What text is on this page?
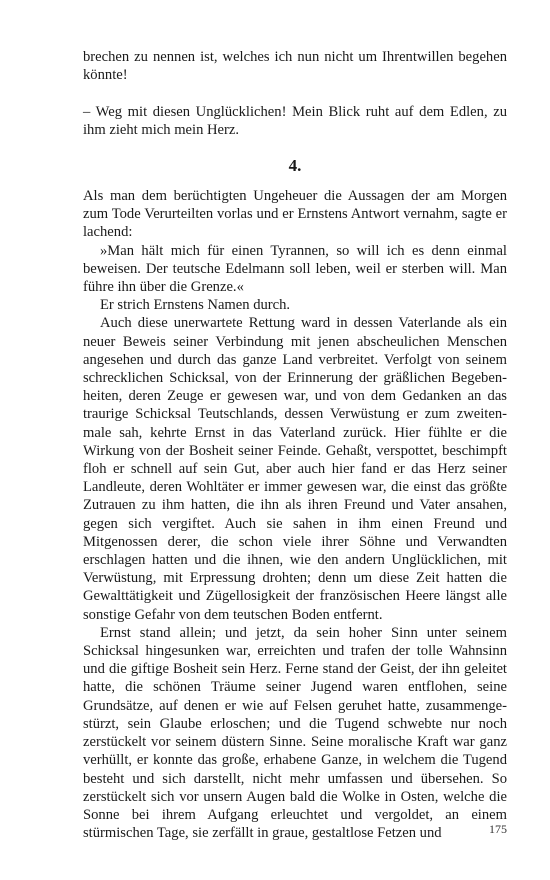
brechen zu nennen ist, welches ich nun nicht um Ihrentwillen begehen könnte!

– Weg mit diesen Unglücklichen! Mein Blick ruht auf dem Edlen, zu ihm zieht mich mein Herz.

4.

Als man dem berüchtigten Ungeheuer die Aussagen der am Morgen zum Tode Verurteilten vorlas und er Ernstens Antwort vernahm, sagte er lachend:

»Man hält mich für einen Tyrannen, so will ich es denn einmal beweisen. Der teutsche Edelmann soll leben, weil er sterben will. Man führe ihn über die Grenze.«

Er strich Ernstens Namen durch.

Auch diese unerwartete Rettung ward in dessen Vaterlande als ein neuer Beweis seiner Verbindung mit jenen abscheulichen Menschen angesehen und durch das ganze Land verbreitet. Verfolgt von seinem schrecklichen Schicksal, von der Erinnerung der gräßlichen Begebenheiten, deren Zeuge er gewesen war, und von dem Gedanken an das traurige Schicksal Teutschlands, dessen Verwüstung er zum zweitenmale sah, kehrte Ernst in das Vaterland zurück. Hier fühlte er die Wirkung von der Bosheit seiner Feinde. Gehaßt, verspottet, beschimpft floh er schnell auf sein Gut, aber auch hier fand er das Herz seiner Landleute, deren Wohltäter er immer gewesen war, die einst das größte Zutrauen zu ihm hatten, die ihn als ihren Freund und Vater ansahen, gegen sich vergiftet. Auch sie sahen in ihm einen Freund und Mitgenossen derer, die schon viele ihrer Söhne und Verwandten erschlagen hatten und die ihnen, wie den andern Unglücklichen, mit Verwüstung, mit Erpressung drohten; denn um diese Zeit hatten die Gewalttätigkeit und Zügellosigkeit der französischen Heere längst alle sonstige Gefahr von dem teutschen Boden entfernt.

Ernst stand allein; und jetzt, da sein hoher Sinn unter seinem Schicksal hingesunken war, erreichten und trafen der tolle Wahnsinn und die giftige Bosheit sein Herz. Ferne stand der Geist, der ihn geleitet hatte, die schönen Träume seiner Jugend waren entflohen, seine Grundsätze, auf denen er wie auf Felsen geruhet hatte, zusammengestürzt, sein Glaube erloschen; und die Tugend schwebte nur noch zerstückelt vor seinem düstern Sinne. Seine moralische Kraft war ganz verhüllt, er konnte das große, erhabene Ganze, in welchem die Tugend besteht und sich darstellt, nicht mehr umfassen und übersehen. So zerstückelt sich vor unsern Augen bald die Wolke in Osten, welche die Sonne bei ihrem Aufgang erleuchtet und vergoldet, an einem stürmischen Tage, sie zerfällt in graue, gestaltlose Fetzen und	175
